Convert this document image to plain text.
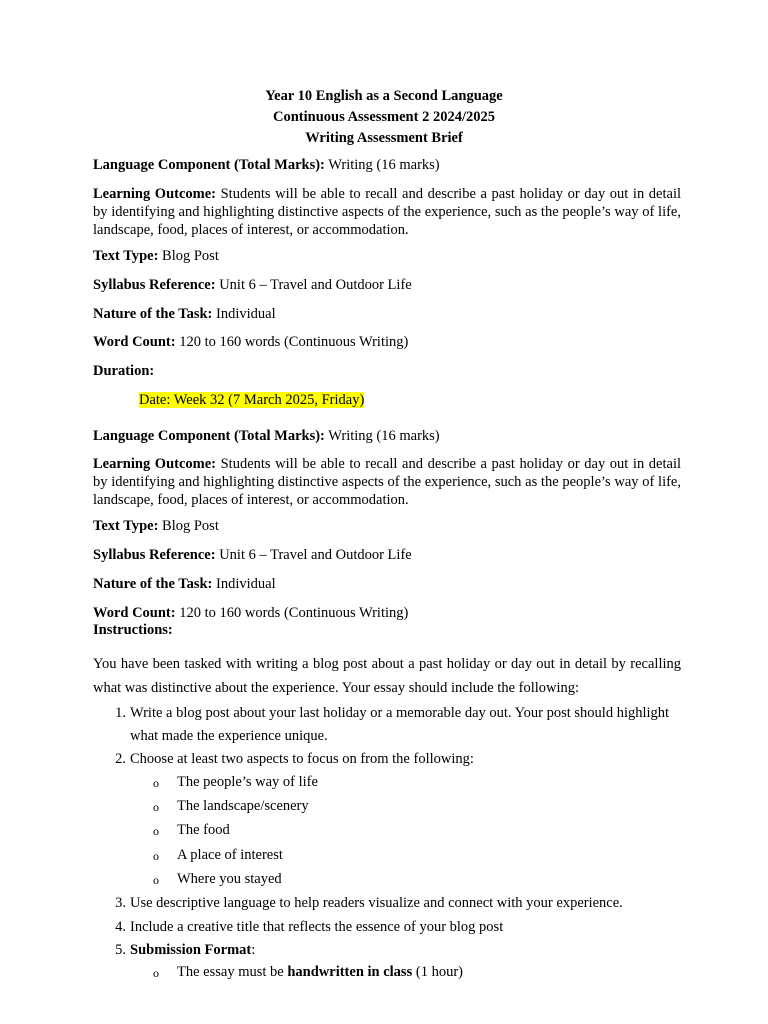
Year 10 English as a Second Language
Continuous Assessment 2 2024/2025
Writing Assessment Brief
Language Component (Total Marks): Writing (16 marks)
Learning Outcome: Students will be able to recall and describe a past holiday or day out in detail by identifying and highlighting distinctive aspects of the experience, such as the people’s way of life, landscape, food, places of interest, or accommodation.
Text Type: Blog Post
Syllabus Reference: Unit 6 – Travel and Outdoor Life
Nature of the Task: Individual
Word Count: 120 to 160 words (Continuous Writing)
Duration:
Date: Week 32 (7 March 2025, Friday)
Language Component (Total Marks): Writing (16 marks)
Learning Outcome: Students will be able to recall and describe a past holiday or day out in detail by identifying and highlighting distinctive aspects of the experience, such as the people’s way of life, landscape, food, places of interest, or accommodation.
Text Type: Blog Post
Syllabus Reference: Unit 6 – Travel and Outdoor Life
Nature of the Task: Individual
Word Count: 120 to 160 words (Continuous Writing)
Instructions:
You have been tasked with writing a blog post about a past holiday or day out in detail by recalling what was distinctive about the experience. Your essay should include the following:
1. Write a blog post about your last holiday or a memorable day out. Your post should highlight what made the experience unique.
2. Choose at least two aspects to focus on from the following:
o The people’s way of life
o The landscape/scenery
o The food
o A place of interest
o Where you stayed
3. Use descriptive language to help readers visualize and connect with your experience.
4. Include a creative title that reflects the essence of your blog post
5. Submission Format:
o The essay must be handwritten in class (1 hour)
